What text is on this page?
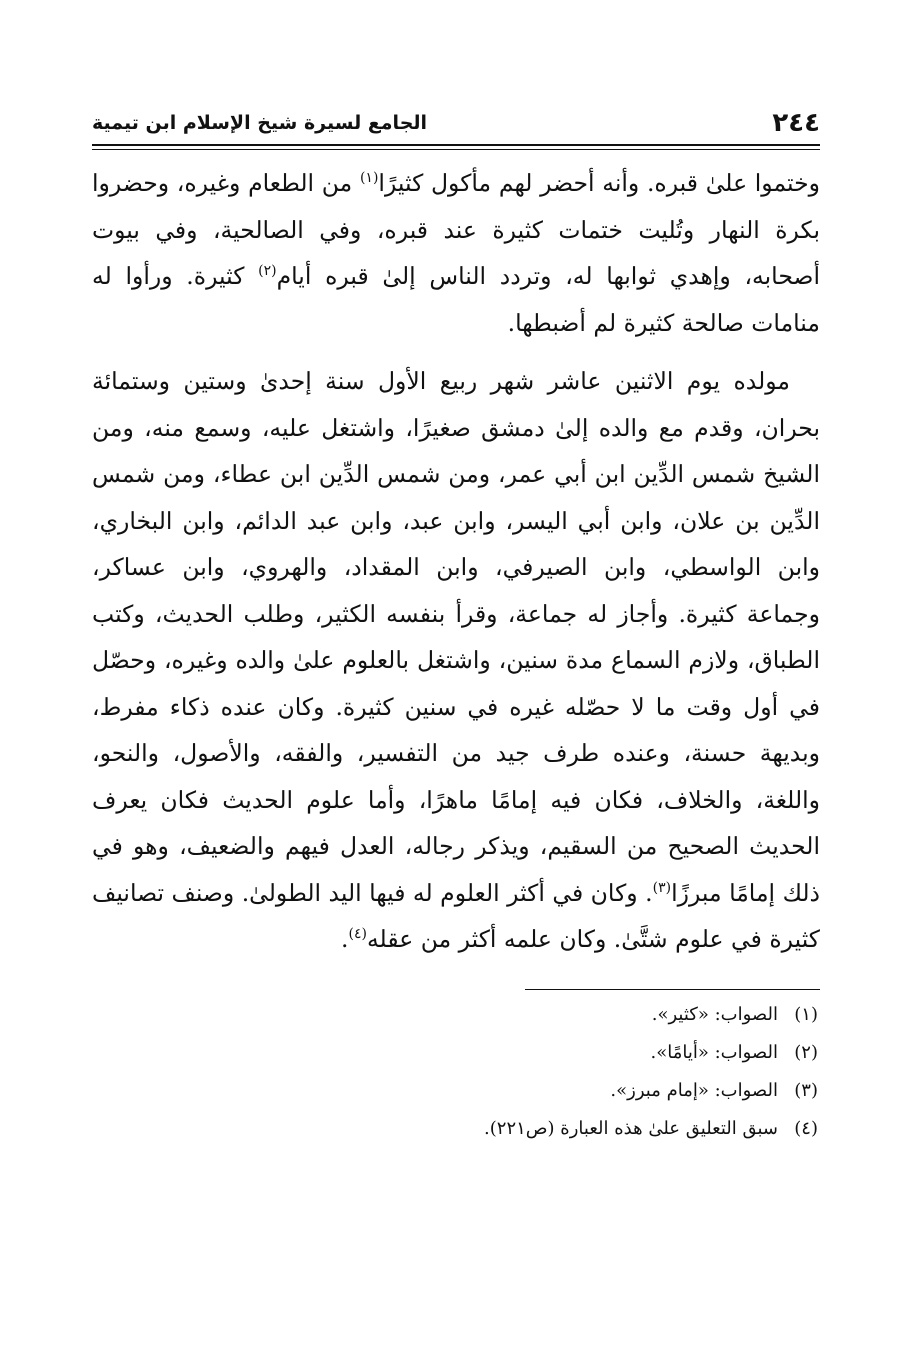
٢٤٤
الجامع لسيرة شيخ الإسلام ابن تيمية

وختموا علىٰ قبره. وأنه أحضر لهم مأكول كثيرًا$^{(١)}$ من الطعام وغيره، وحضروا بكرة النهار وتُليت ختمات كثيرة عند قبره، وفي الصالحية، وفي بيوت أصحابه، وإهدي ثوابها له، وتردد الناس إلىٰ قبره أيام$^{(٢)}$ كثيرة. ورأوا له منامات صالحة كثيرة لم أضبطها.

مولده يوم الاثنين عاشر شهر ربيع الأول سنة إحدىٰ وستين وستمائة بحران، وقدم مع والده إلىٰ دمشق صغيرًا، واشتغل عليه، وسمع منه، ومن الشيخ شمس الدِّين ابن أبي عمر، ومن شمس الدِّين ابن عطاء، ومن شمس الدِّين بن علان، وابن أبي اليسر، وابن عبد، وابن عبد الدائم، وابن البخاري، وابن الواسطي، وابن الصيرفي، وابن المقداد، والهروي، وابن عساكر، وجماعة كثيرة. وأجاز له جماعة، وقرأ بنفسه الكثير، وطلب الحديث، وكتب الطباق، ولازم السماع مدة سنين، واشتغل بالعلوم علىٰ والده وغيره، وحصّل في أول وقت ما لا حصّله غيره في سنين كثيرة. وكان عنده ذكاء مفرط، وبديهة حسنة، وعنده طرف جيد من التفسير، والفقه، والأصول، والنحو، واللغة، والخلاف، فكان فيه إمامًا ماهرًا، وأما علوم الحديث فكان يعرف الحديث الصحيح من السقيم، ويذكر رجاله، العدل فيهم والضعيف، وهو في ذلك إمامًا مبرزًا$^{(٣)}$. وكان في أكثر العلوم له فيها اليد الطولىٰ. وصنف تصانيف كثيرة في علوم شتَّىٰ. وكان علمه أكثر من عقله$^{(٤)}$.

(١)الصواب: «كثير».
(٢)الصواب: «أيامًا».
(٣)الصواب: «إمام مبرز».
(٤)سبق التعليق علىٰ هذه العبارة (ص٢٢١).
